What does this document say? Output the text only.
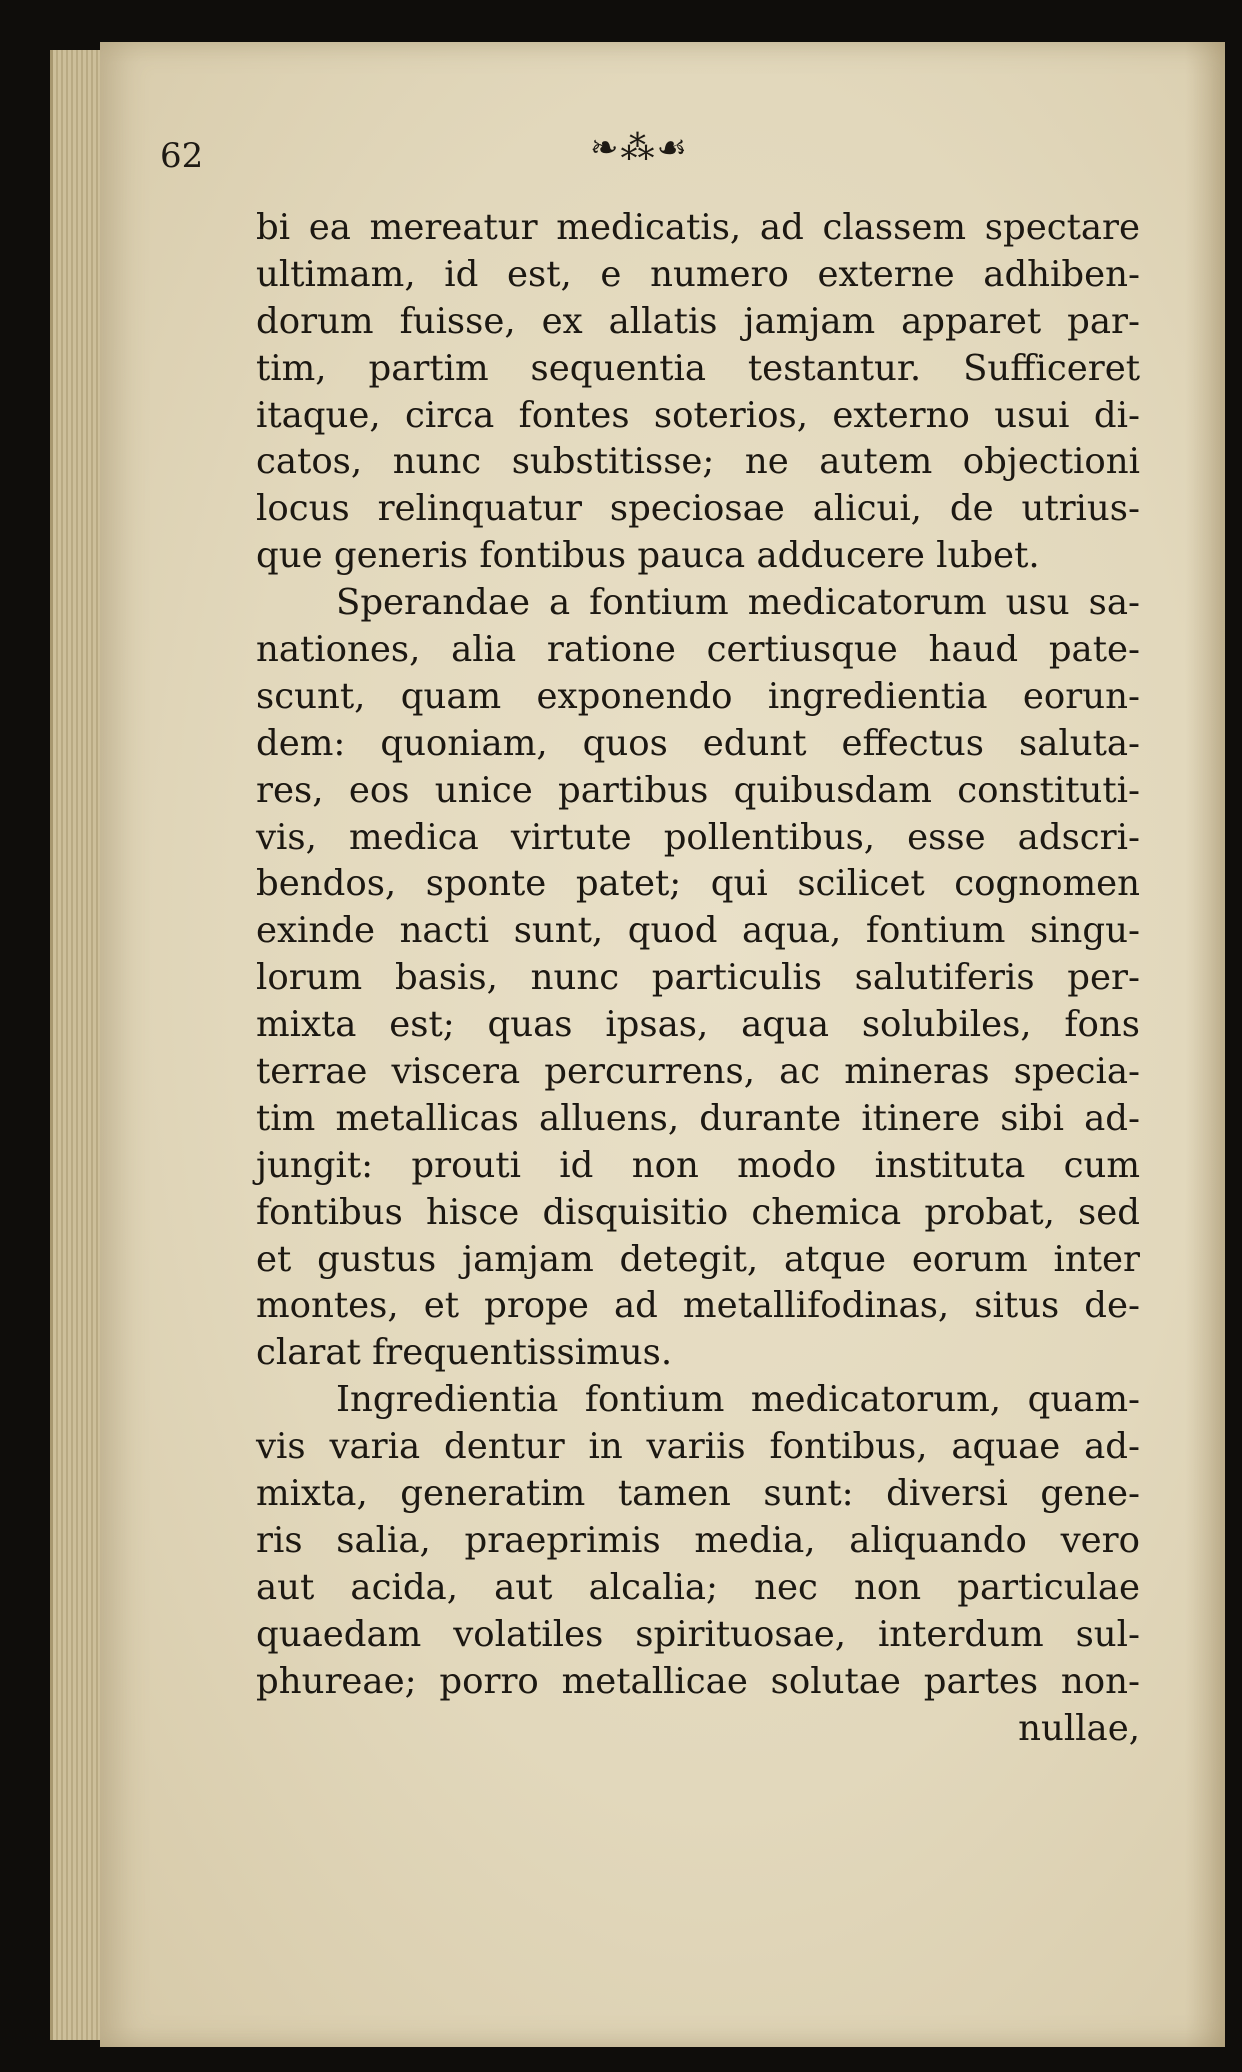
62	❧⁂☙
bi ea mereatur medicatis, ad classem spectare
ultimam, id est, e numero externe adhiben-
dorum fuisse, ex allatis jamjam apparet par-
tim, partim sequentia testantur. Sufficeret
itaque, circa fontes soterios, externo usui di-
catos, nunc substitisse; ne autem objectioni
locus relinquatur speciosae alicui, de utrius-
que generis fontibus pauca adducere lubet.
Sperandae a fontium medicatorum usu sa-
nationes, alia ratione certiusque haud pate-
scunt, quam exponendo ingredientia eorun-
dem: quoniam, quos edunt effectus saluta-
res, eos unice partibus quibusdam constituti-
vis, medica virtute pollentibus, esse adscri-
bendos, sponte patet; qui scilicet cognomen
exinde nacti sunt, quod aqua, fontium singu-
lorum basis, nunc particulis salutiferis per-
mixta est; quas ipsas, aqua solubiles, fons
terrae viscera percurrens, ac mineras specia-
tim metallicas alluens, durante itinere sibi ad-
jungit: prouti id non modo instituta cum
fontibus hisce disquisitio chemica probat, sed
et gustus jamjam detegit, atque eorum inter
montes, et prope ad metallifodinas, situs de-
clarat frequentissimus.
Ingredientia fontium medicatorum, quam-
vis varia dentur in variis fontibus, aquae ad-
mixta, generatim tamen sunt: diversi gene-
ris salia, praeprimis media, aliquando vero
aut acida, aut alcalia; nec non particulae
quaedam volatiles spirituosae, interdum sul-
phureae; porro metallicae solutae partes non-
nullae,
